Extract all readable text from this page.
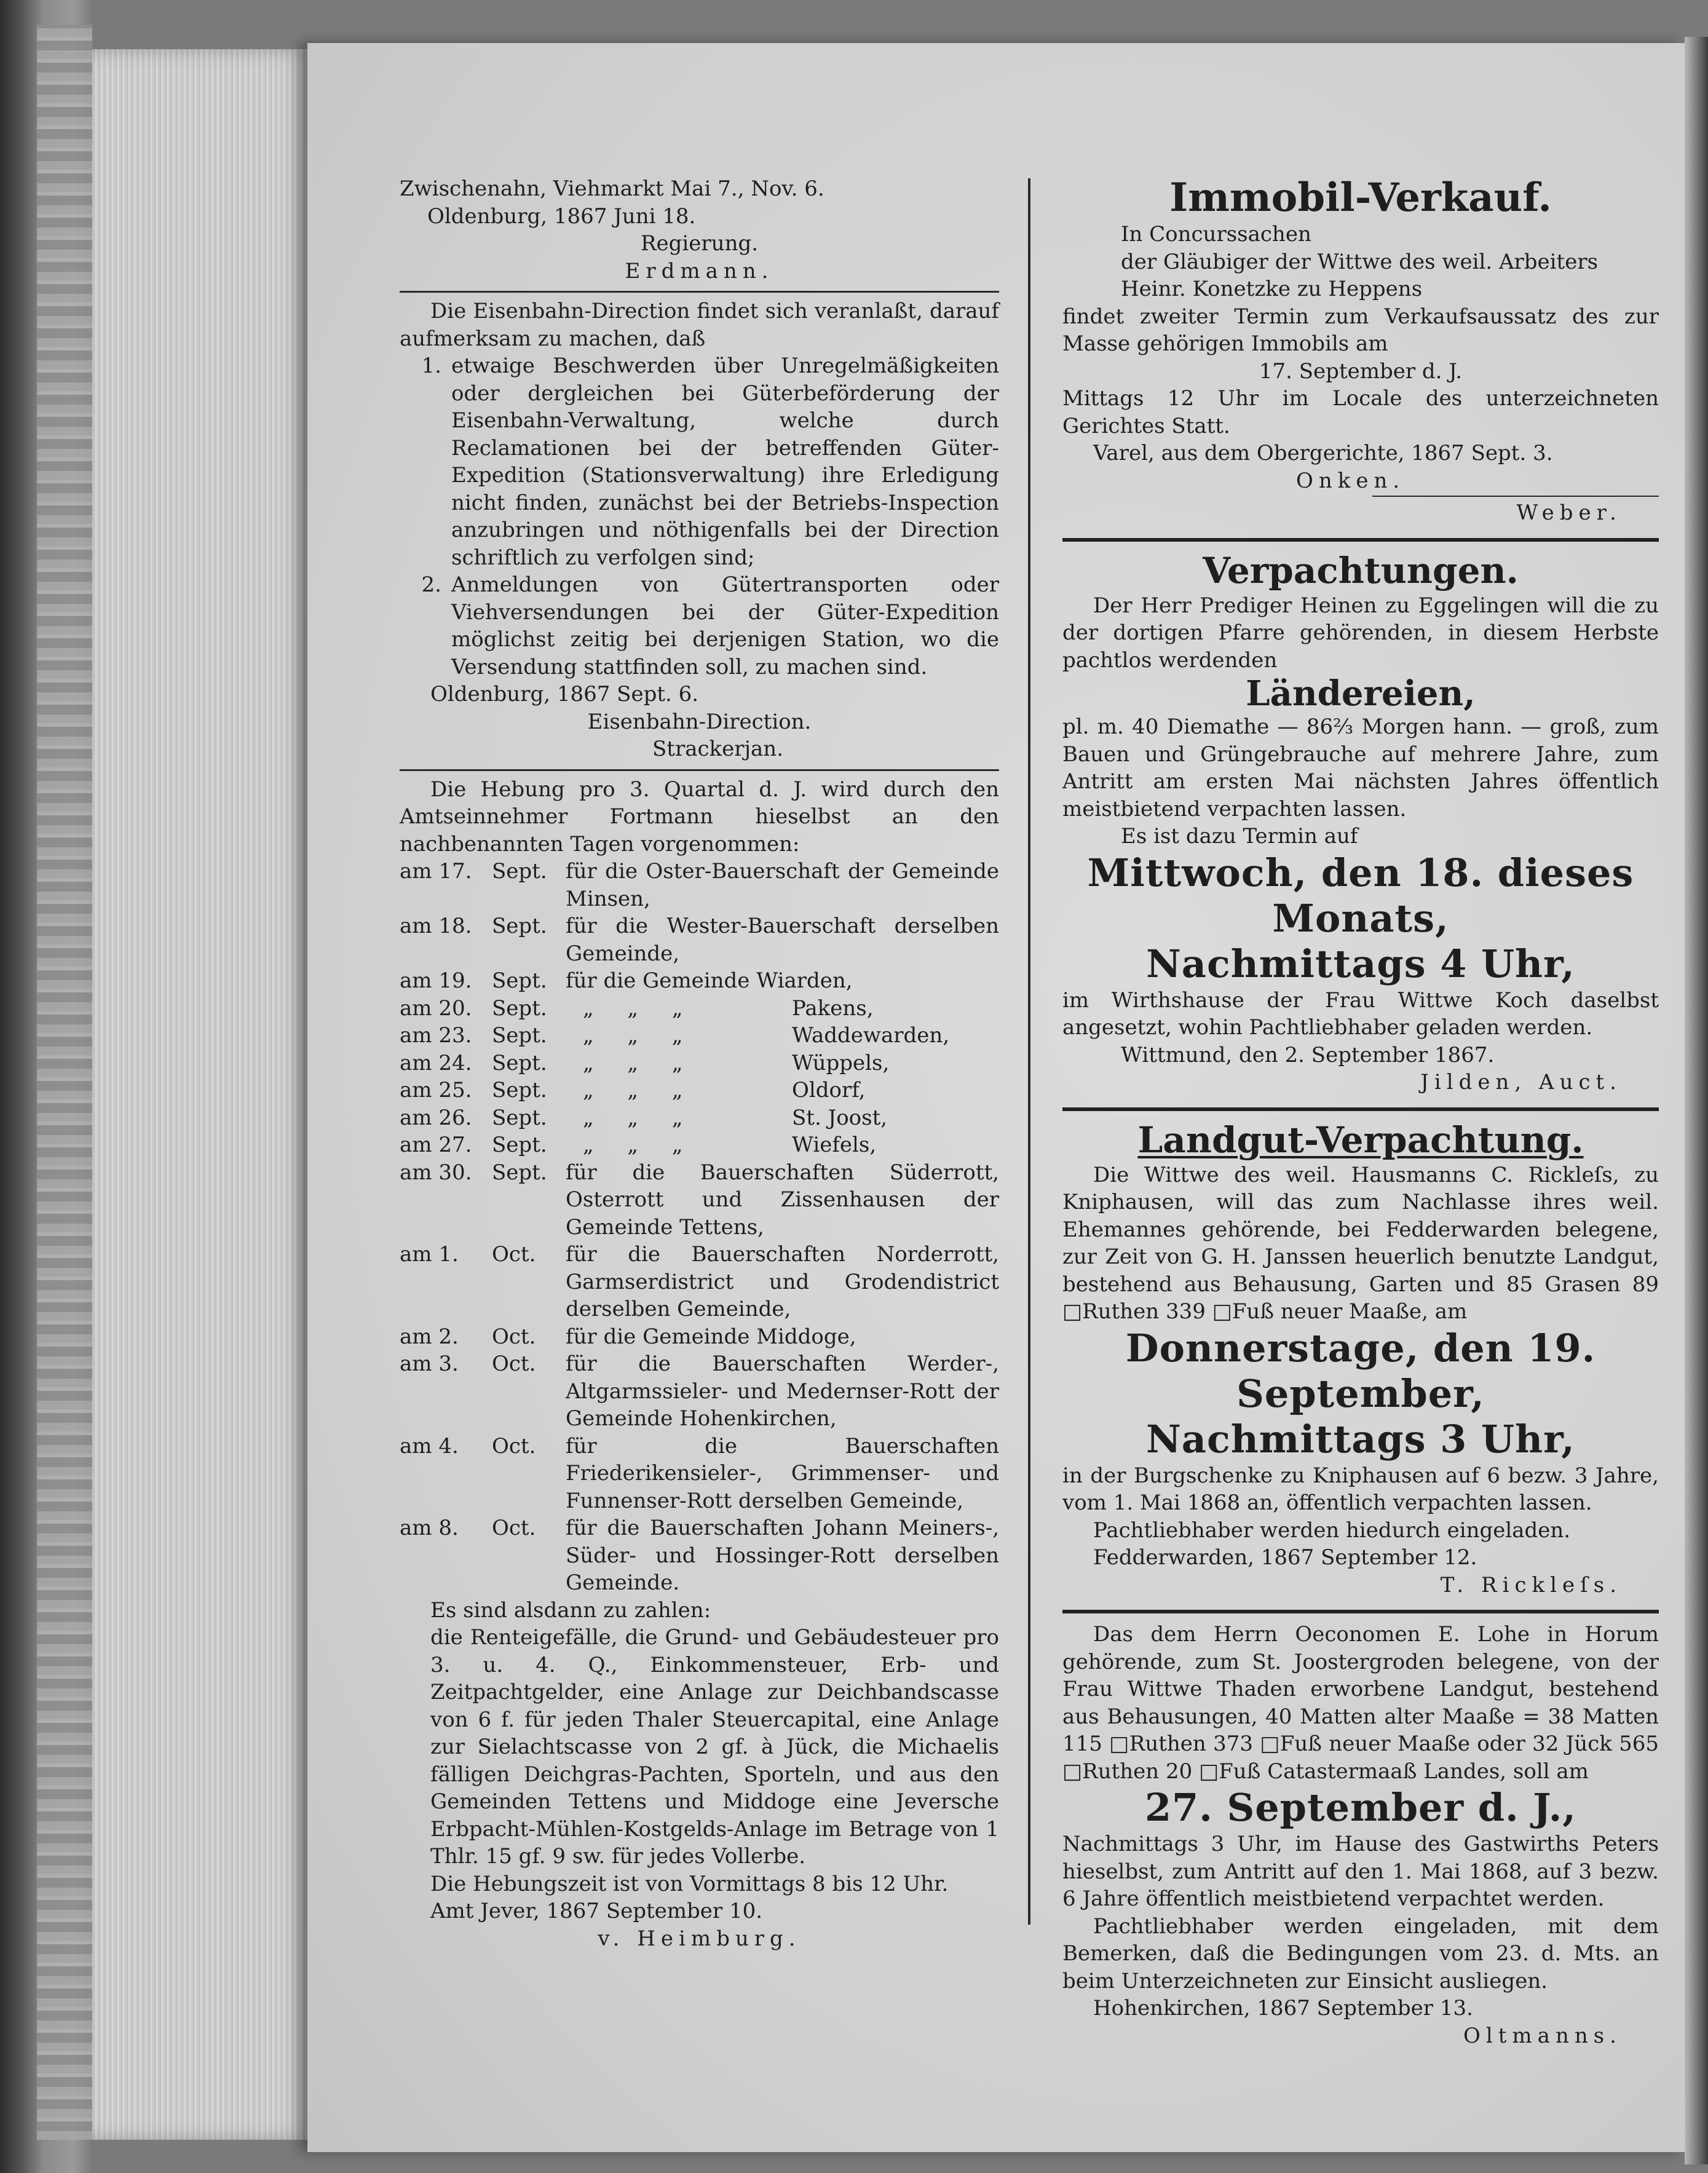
Zwischenahn, Viehmarkt Mai 7., Nov. 6.

Oldenburg, 1867 Juni 18.

Regierung.

Erdmann.

Die Eisenbahn-Direction findet sich veranlaßt, darauf aufmerksam zu machen, daß

1. etwaige Beschwerden über Unregelmäßigkeiten oder dergleichen bei Güterbeförderung der Eisenbahn-Verwaltung, welche durch Reclamationen bei der betreffenden Güter-Expedition (Stationsverwaltung) ihre Erledigung nicht finden, zunächst bei der Betriebs-Inspection anzubringen und nöthigenfalls bei der Direction schriftlich zu verfolgen sind;
2. Anmeldungen von Gütertransporten oder Viehversendungen bei der Güter-Expedition möglichst zeitig bei derjenigen Station, wo die Versendung stattfinden soll, zu machen sind.

Oldenburg, 1867 Sept. 6.

Eisenbahn-Direction.

Strackerjan.

Die Hebung pro 3. Quartal d. J. wird durch den Amtseinnehmer Fortmann hieselbst an den nachbenannten Tagen vorgenommen:

am 17.	Sept.	für die Oster-Bauerschaft der Gemeinde Minsen,
am 18.	Sept.	für die Wester-Bauerschaft derselben Gemeinde,
am 19.	Sept.	für die Gemeinde Wiarden,
am 20.	Sept.	„ „ „ Pakens,
am 23.	Sept.	„ „ „ Waddewarden,
am 24.	Sept.	„ „ „ Wüppels,
am 25.	Sept.	„ „ „ Oldorf,
am 26.	Sept.	„ „ „ St. Joost,
am 27.	Sept.	„ „ „ Wiefels,
am 30.	Sept.	für die Bauerschaften Süderrott, Osterrott und Zissenhausen der Gemeinde Tettens,
am 1.	Oct.	für die Bauerschaften Norderrott, Garmserdistrict und Grodendistrict derselben Gemeinde,
am 2.	Oct.	für die Gemeinde Middoge,
am 3.	Oct.	für die Bauerschaften Werder-, Altgarmssieler- und Medernser-Rott der Gemeinde Hohenkirchen,
am 4.	Oct.	für die Bauerschaften Friederikensieler-, Grimmenser- und Funnenser-Rott derselben Gemeinde,
am 8.	Oct.	für die Bauerschaften Johann Meiners-, Süder- und Hossinger-Rott derselben Gemeinde.

Es sind alsdann zu zahlen:

die Renteigefälle, die Grund- und Gebäudesteuer pro 3. u. 4. Q., Einkommensteuer, Erb- und Zeitpachtgelder, eine Anlage zur Deichbandscasse von 6 f. für jeden Thaler Steuercapital, eine Anlage zur Sielachtscasse von 2 gf. à Jück, die Michaelis fälligen Deichgras-Pachten, Sporteln, und aus den Gemeinden Tettens und Middoge eine Jeversche Erbpacht-Mühlen-Kostgelds-Anlage im Betrage von 1 Thlr. 15 gf. 9 sw. für jedes Vollerbe.

Die Hebungszeit ist von Vormittags 8 bis 12 Uhr.

Amt Jever, 1867 September 10.

v. Heimburg.

Immobil-Verkauf.

In Concurssachen

der Gläubiger der Wittwe des weil. Arbeiters

Heinr. Konetzke zu Heppens

findet zweiter Termin zum Verkaufsaussatz des zur Masse gehörigen Immobils am

17. September d. J.

Mittags 12 Uhr im Locale des unterzeichneten Gerichtes Statt.

Varel, aus dem Obergerichte, 1867 Sept. 3.

Onken.

Weber.

Verpachtungen.

Der Herr Prediger Heinen zu Eggelingen will die zu der dortigen Pfarre gehörenden, in diesem Herbste pachtlos werdenden

Ländereien,

pl. m. 40 Diemathe — 86⅔ Morgen hann. — groß, zum Bauen und Grüngebrauche auf mehrere Jahre, zum Antritt am ersten Mai nächsten Jahres öffentlich meistbietend verpachten lassen.

Es ist dazu Termin auf

Mittwoch, den 18. dieses Monats,

Nachmittags 4 Uhr,

im Wirthshause der Frau Wittwe Koch daselbst angesetzt, wohin Pachtliebhaber geladen werden.

Wittmund, den 2. September 1867.

Jilden, Auct.

Landgut-Verpachtung.

Die Wittwe des weil. Hausmanns C. Rickleſs, zu Kniphausen, will das zum Nachlasse ihres weil. Ehemannes gehörende, bei Fedderwarden belegene, zur Zeit von G. H. Janssen heuerlich benutzte Landgut, bestehend aus Behausung, Garten und 85 Grasen 89 □Ruthen 339 □Fuß neuer Maaße, am

Donnerstage, den 19. September,

Nachmittags 3 Uhr,

in der Burgschenke zu Kniphausen auf 6 bezw. 3 Jahre, vom 1. Mai 1868 an, öffentlich verpachten lassen.

Pachtliebhaber werden hiedurch eingeladen.

Fedderwarden, 1867 September 12.

T. Rickleſs.

Das dem Herrn Oeconomen E. Lohe in Horum gehörende, zum St. Joostergroden belegene, von der Frau Wittwe Thaden erworbene Landgut, bestehend aus Behausungen, 40 Matten alter Maaße = 38 Matten 115 □Ruthen 373 □Fuß neuer Maaße oder 32 Jück 565 □Ruthen 20 □Fuß Catastermaaß Landes, soll am

27. September d. J.,

Nachmittags 3 Uhr, im Hause des Gastwirths Peters hieselbst, zum Antritt auf den 1. Mai 1868, auf 3 bezw. 6 Jahre öffentlich meistbietend verpachtet werden.

Pachtliebhaber werden eingeladen, mit dem Bemerken, daß die Bedingungen vom 23. d. Mts. an beim Unterzeichneten zur Einsicht ausliegen.

Hohenkirchen, 1867 September 13.

Oltmanns.
